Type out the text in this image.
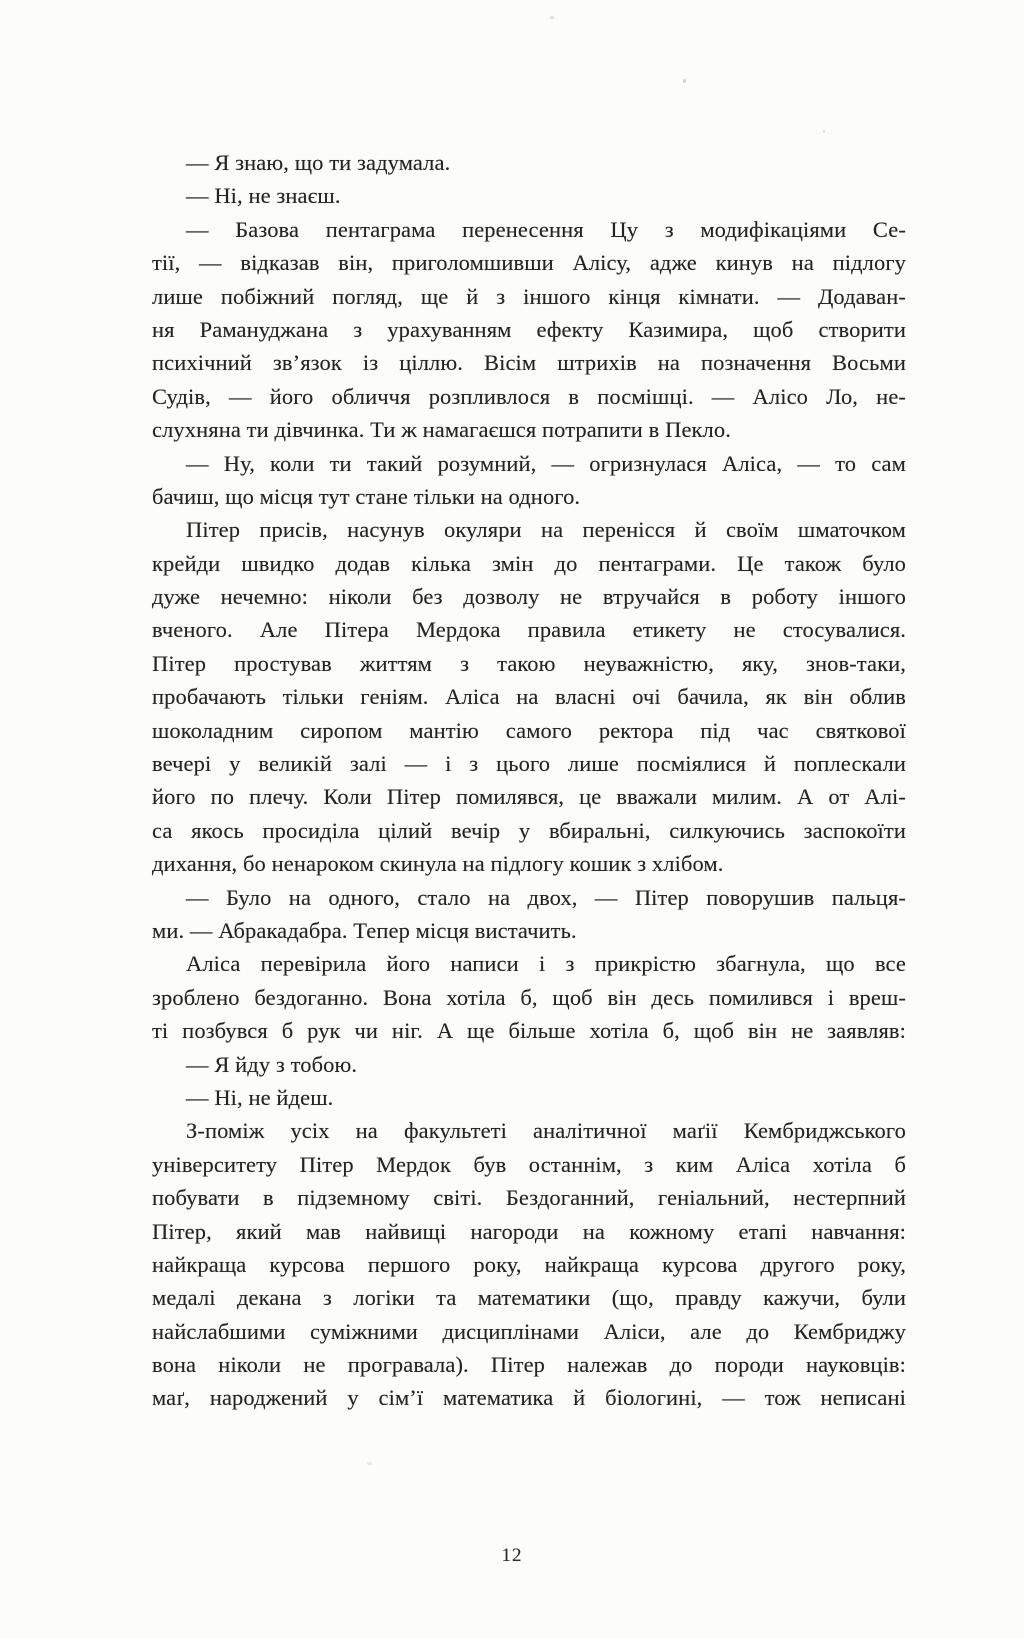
— Я знаю, що ти задумала.
— Ні, не знаєш.
— Базова пентаграма перенесення Цу з модифікаціями Се-
тії, — відказав він, приголомшивши Алісу, адже кинув на підлогу
лише побіжний погляд, ще й з іншого кінця кімнати. — Додаван-
ня Рамануджана з урахуванням ефекту Казимира, щоб створити
психічний зв’язок із ціллю. Вісім штрихів на позначення Восьми
Судів, — його обличчя розпливлося в посмішці. — Алісо Ло, не-
слухняна ти дівчинка. Ти ж намагаєшся потрапити в Пекло.
— Ну, коли ти такий розумний, — огризнулася Аліса, — то сам
бачиш, що місця тут стане тільки на одного.
Пітер присів, насунув окуляри на перенісся й своїм шматочком
крейди швидко додав кілька змін до пентаграми. Це також було
дуже нечемно: ніколи без дозволу не втручайся в роботу іншого
вченого. Але Пітера Мердока правила етикету не стосувалися.
Пітер простував життям з такою неуважністю, яку, знов-таки,
пробачають тільки геніям. Аліса на власні очі бачила, як він облив
шоколадним сиропом мантію самого ректора під час святкової
вечері у великій залі — і з цього лише посміялися й поплескали
його по плечу. Коли Пітер помилявся, це вважали милим. А от Алі-
са якось просиділа цілий вечір у вбиральні, силкуючись заспокоїти
дихання, бо ненароком скинула на підлогу кошик з хлібом.
— Було на одного, стало на двох, — Пітер поворушив пальця-
ми. — Абракадабра. Тепер місця вистачить.
Аліса перевірила його написи і з прикрістю збагнула, що все
зроблено бездоганно. Вона хотіла б, щоб він десь помилився і вреш-
ті позбувся б рук чи ніг. А ще більше хотіла б, щоб він не заявляв:
— Я йду з тобою.
— Ні, не йдеш.
З-поміж усіх на факультеті аналітичної маґії Кембриджського
університету Пітер Мердок був останнім, з ким Аліса хотіла б
побувати в підземному світі. Бездоганний, геніальний, нестерпний
Пітер, який мав найвищі нагороди на кожному етапі навчання:
найкраща курсова першого року, найкраща курсова другого року,
медалі декана з логіки та математики (що, правду кажучи, були
найслабшими суміжними дисциплінами Аліси, але до Кембриджу
вона ніколи не програвала). Пітер належав до породи науковців:
маґ, народжений у сім’ї математика й біологині, — тож неписані
12
